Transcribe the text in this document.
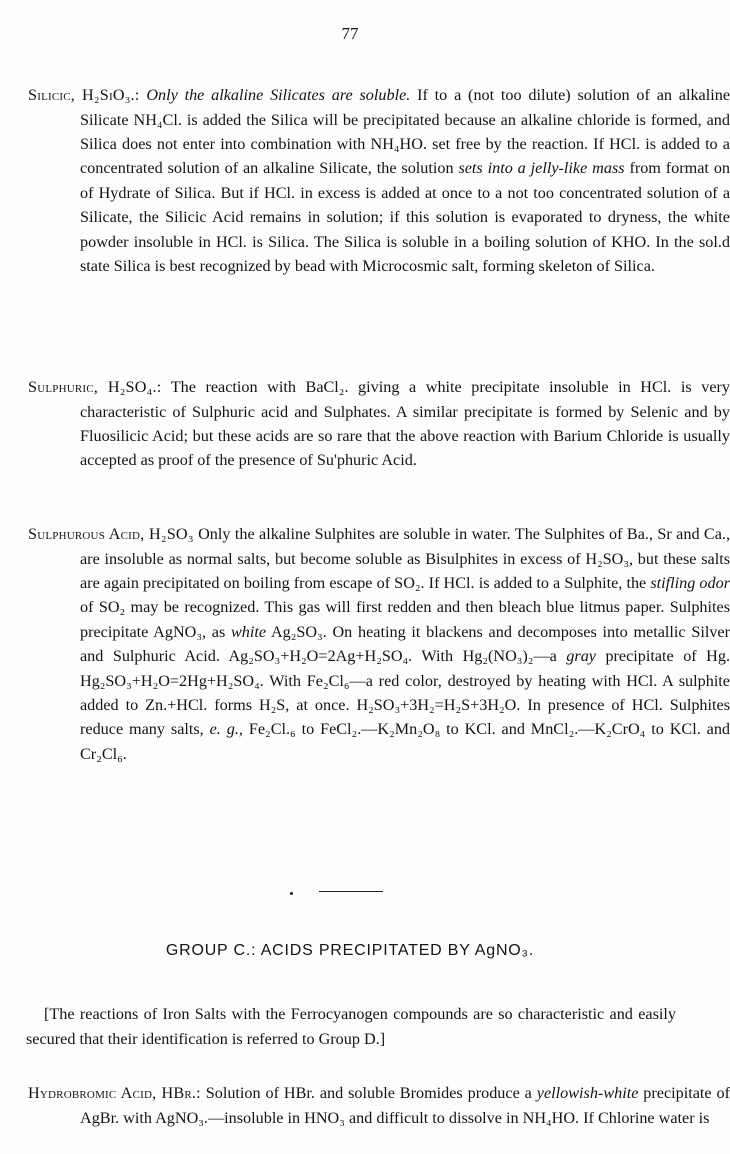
77

Silicic, H₂SiO₃.: Only the alkaline Silicates are soluble. If to a (not too dilute) solution of an alkaline Silicate NH₄Cl. is added the Silica will be precipitated because an alkaline chloride is formed, and Silica does not enter into combination with NH₄HO. set free by the reaction. If HCl. is added to a concentrated solution of an alkaline Silicate, the solution sets into a jelly-like mass from format on of Hydrate of Silica. But if HCl. in excess is added at once to a not too concentrated solution of a Silicate, the Silicic Acid remains in solution; if this solution is evaporated to dryness, the white powder insoluble in HCl. is Silica. The Silica is soluble in a boiling solution of KHO. In the sol.d state Silica is best recognized by bead with Microcosmic salt, forming skeleton of Silica.

Sulphuric, H₂SO₄.: The reaction with BaCl₂. giving a white precipitate insoluble in HCl. is very characteristic of Sulphuric acid and Sulphates. A similar precipitate is formed by Selenic and by Fluosilicic Acid; but these acids are so rare that the above reaction with Barium Chloride is usually accepted as proof of the presence of Su'phuric Acid.

Sulphurous Acid, H₂SO₃ Only the alkaline Sulphites are soluble in water. The Sulphites of Ba., Sr and Ca., are insoluble as normal salts, but become soluble as Bisulphites in excess of H₂SO₃, but these salts are again precipitated on boiling from escape of SO₂. If HCl. is added to a Sulphite, the stifling odor of SO₂ may be recognized. This gas will first redden and then bleach blue litmus paper. Sulphites precipitate AgNO₃, as white Ag₂SO₃. On heating it blackens and decomposes into metallic Silver and Sulphuric Acid. Ag₂SO₃+H₂O=2Ag+H₂SO₄. With Hg₂(NO₃)₂—a gray precipitate of Hg. Hg₂SO₃+H₂O=2Hg+H₂SO₄. With Fe₂Cl₆—a red color, destroyed by heating with HCl. A sulphite added to Zn.+HCl. forms H₂S, at once. H₂SO₃+3H₂=H₂S+3H₂O. In presence of HCl. Sulphites reduce many salts, e. g., Fe₂Cl.₆ to FeCl₂.—K₂Mn₂O₈ to KCl. and MnCl₂.—K₂CrO₄ to KCl. and Cr₂Cl₆.

GROUP C.: ACIDS PRECIPITATED BY AgNO₃.

[The reactions of Iron Salts with the Ferrocyanogen compounds are so characteristic and easily secured that their identification is referred to Group D.]

Hydrobromic Acid, HBr.: Solution of HBr. and soluble Bromides produce a yellowish-white precipitate of AgBr. with AgNO₃.—insoluble in HNO₃ and difficult to dissolve in NH₄HO. If Chlorine water is
